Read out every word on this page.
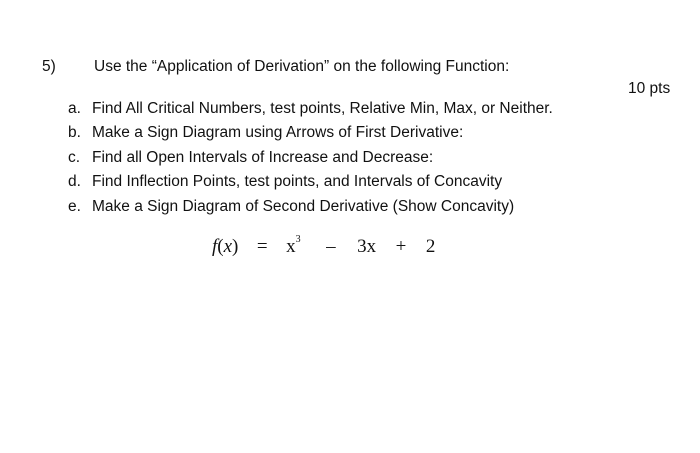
5) Use the “Application of Derivation” on the following Function:
10 pts
a. Find All Critical Numbers, test points, Relative Min, Max, or Neither.
b. Make a Sign Diagram using Arrows of First Derivative:
c. Find all Open Intervals of Increase and Decrease:
d. Find Inflection Points, test points, and Intervals of Concavity
e. Make a Sign Diagram of Second Derivative (Show Concavity)
$f(x) = x^3 - 3x + 2$
